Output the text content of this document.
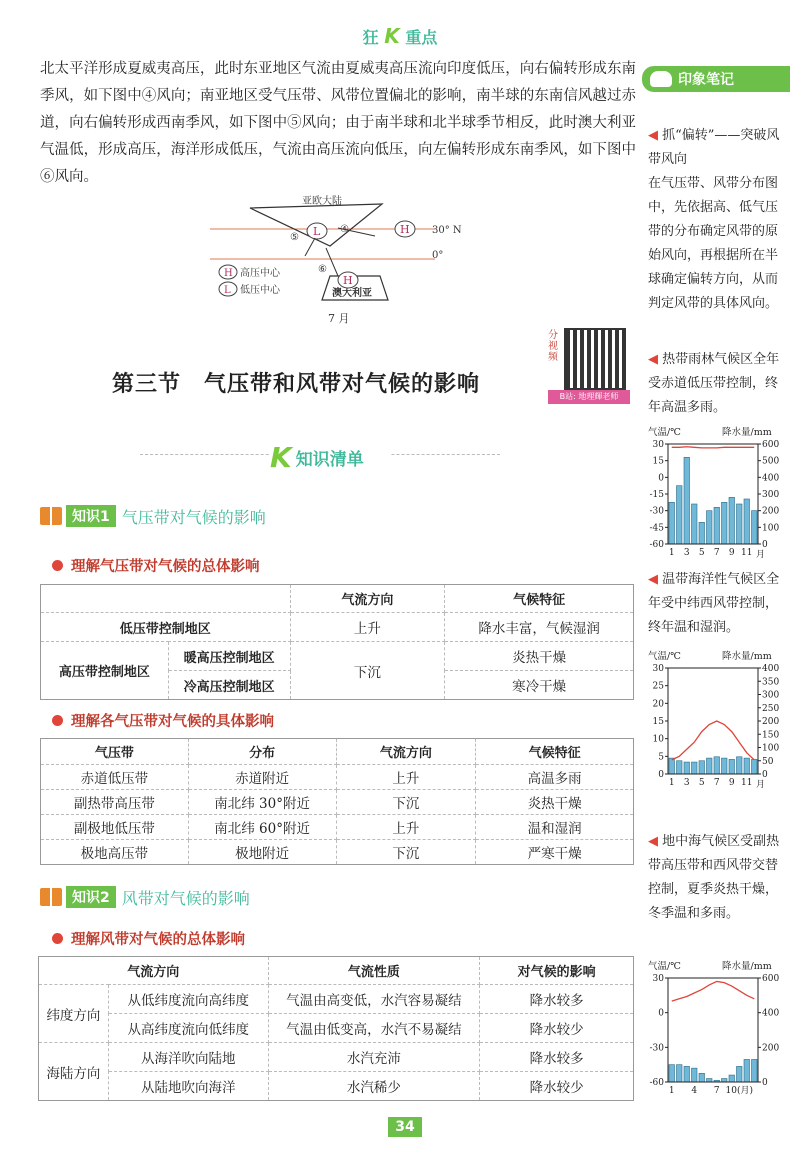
狂 K 重点
印象笔记
北太平洋形成夏威夷高压，此时东亚地区气流由夏威夷高压流向印度低压，向右偏转形成东南季风，如下图中④风向；南亚地区受气压带、风带位置偏北的影响，南半球的东南信风越过赤道，向右偏转形成西南季风，如下图中⑤风向；由于南半球和北半球季节相反，此时澳大利亚气温低，形成高压，海洋形成低压，气流由高压流向低压，向左偏转形成东南季风，如下图中⑥风向。
亚欧大陆
澳大利亚
L	H
H
30° N
0°
④
⑤
⑥
H 高压中心
L 低压中心
7 月
第三节　气压带和风带对气候的影响
分视频
B站: 地理輝老师
K 知识清单
知识1 气压带对气候的影响
理解气压带对气候的总体影响
		气流方向	气候特征
低压带控制地区		上升	降水丰富，气候湿润
高压带控制地区	暖高压控制地区	下沉	炎热干燥
	冷高压控制地区		寒冷干燥
理解各气压带对气候的具体影响
气压带	分布	气流方向	气候特征
赤道低压带	赤道附近	上升	高温多雨
副热带高压带	南北纬 30°附近	下沉	炎热干燥
副极地低压带	南北纬 60°附近	上升	温和湿润
极地高压带	极地附近	下沉	严寒干燥
知识2 风带对气候的影响
理解风带对气候的总体影响
气流方向		气流性质	对气候的影响
纬度方向	从低纬度流向高纬度	气温由高变低，水汽容易凝结	降水较多
	从高纬度流向低纬度	气温由低变高，水汽不易凝结	降水较少
海陆方向	从海洋吹向陆地	水汽充沛	降水较多
	从陆地吹向海洋	水汽稀少	降水较少
◀ 抓“偏转”——突破风带风向
在气压带、风带分布图中，先依据高、低气压带的分布确定风带的原始风向，再根据所在半球确定偏转方向，从而判定风带的具体风向。
◀ 热带雨林气候区全年受赤道低压带控制，终年高温多雨。
◀ 温带海洋性气候区全年受中纬西风带控制，终年温和湿润。
◀ 地中海气候区受副热带高压带和西风带交替控制，夏季炎热干燥，冬季温和多雨。
气温/℃	降水量/mm
30
15
0
-15
-30
-45
-60
600
500
400
300
200
100
0
1 3 5 7 9 11 月
气温/℃	降水量/mm
30
25
20
15
10
5
0
400
350
300
250
200
150
100
50
0
1 3 5 7 9 11 月
气温/℃	降水量/mm
30
0
-30
-60
600
400
200
0
1 4 7 10(月)
34
